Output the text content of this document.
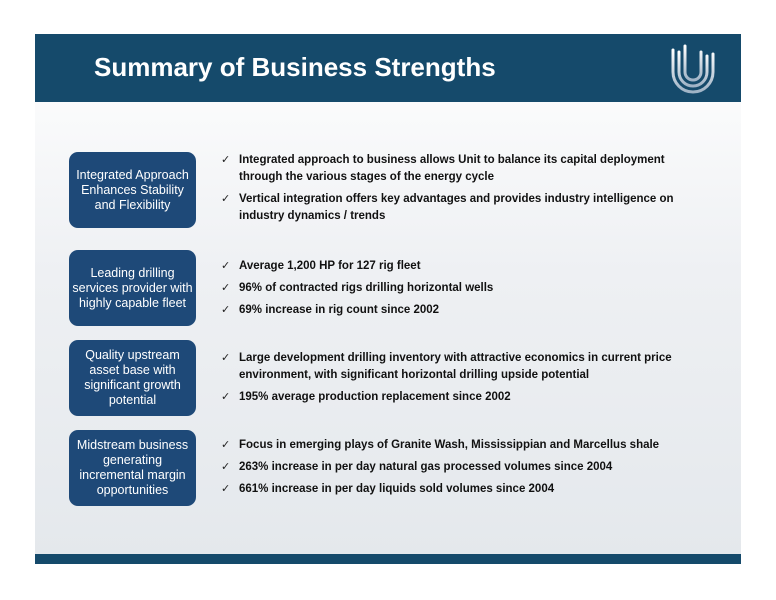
Summary of Business Strengths
Integrated Approach Enhances Stability and Flexibility
✓ Integrated approach to business allows Unit to balance its capital deployment through the various stages of the energy cycle
✓ Vertical integration offers key advantages and provides industry intelligence on industry dynamics / trends
Leading drilling services provider with highly capable fleet
✓ Average 1,200 HP for 127 rig fleet
✓ 96% of contracted rigs drilling horizontal wells
✓ 69% increase in rig count since 2002
Quality upstream asset base with significant growth potential
✓ Large development drilling inventory with attractive economics in current price environment, with significant horizontal drilling upside potential
✓ 195% average production replacement since 2002
Midstream business generating incremental margin opportunities
✓ Focus in emerging plays of Granite Wash, Mississippian and Marcellus shale
✓ 263% increase in per day natural gas processed volumes since 2004
✓ 661% increase in per day liquids sold volumes since 2004
